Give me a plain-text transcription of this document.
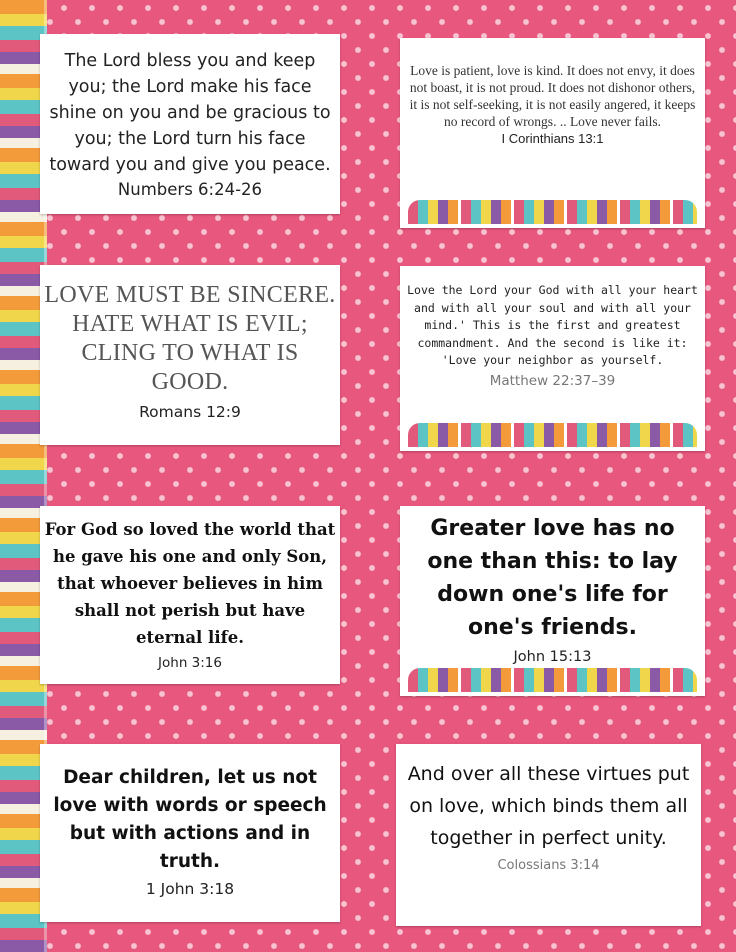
The Lord bless you and keep you; the Lord make his face shine on you and be gracious to you; the Lord turn his face toward you and give you peace.
Numbers 6:24-26
Love is patient, love is kind. It does not envy, it does not boast, it is not proud. It does not dishonor others, it is not self-seeking, it is not easily angered, it keeps no record of wrongs. .. Love never fails.
I Corinthians 13:1
LOVE MUST BE SINCERE. HATE WHAT IS EVIL; CLING TO WHAT IS GOOD.
Romans 12:9
Love the Lord your God with all your heart and with all your soul and with all your mind.' This is the first and greatest commandment. And the second is like it: 'Love your neighbor as yourself.
Matthew 22:37–39
For God so loved the world that he gave his one and only Son, that whoever believes in him shall not perish but have eternal life.
John 3:16
Greater love has no one than this: to lay down one's life for one's friends.
John 15:13
Dear children, let us not love with words or speech but with actions and in truth.
1 John 3:18
And over all these virtues put on love, which binds them all together in perfect unity.
Colossians 3:14
